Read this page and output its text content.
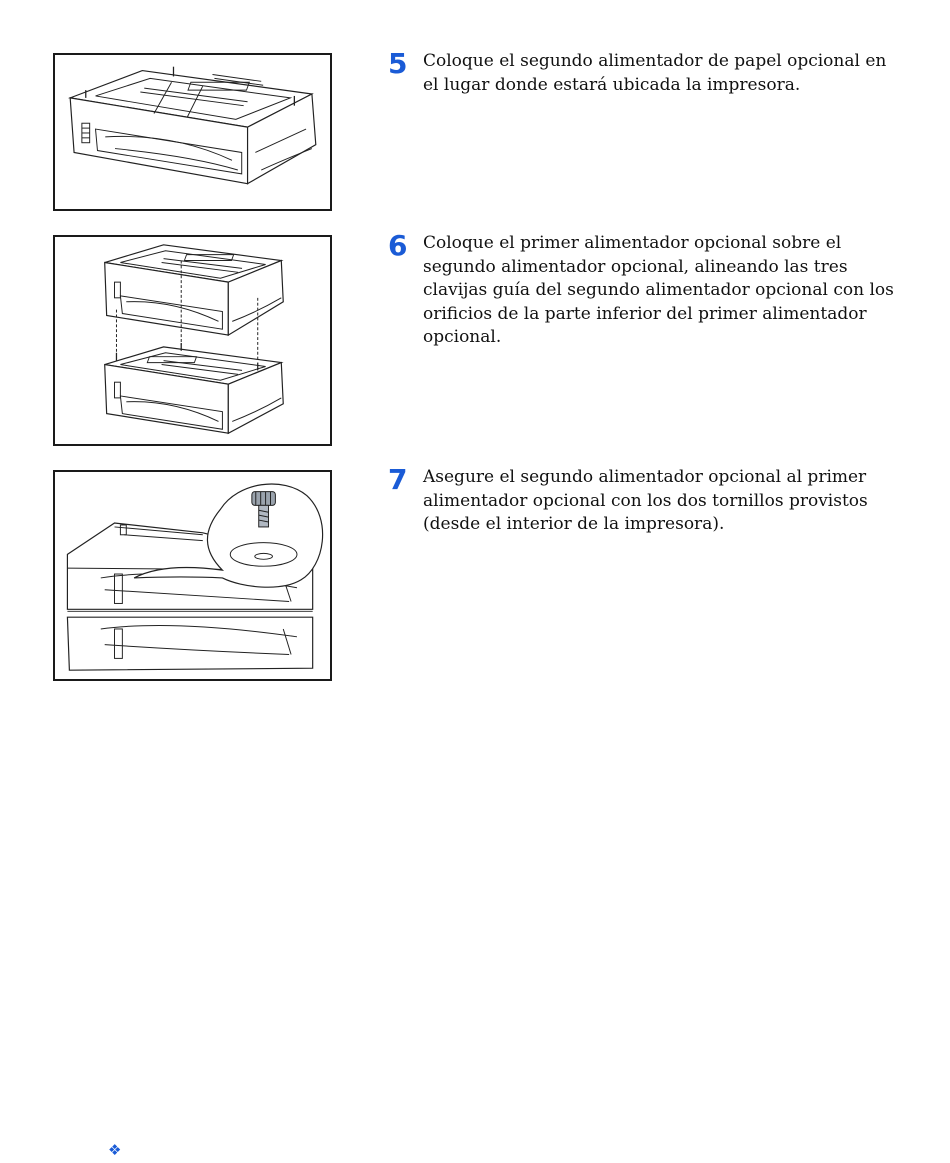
5 Coloque el segundo alimentador de papel opcional en el lugar donde estará ubicada la impresora.
6 Coloque el primer alimentador opcional sobre el segundo alimentador opcional, alineando las tres clavijas guía del segundo alimentador opcional con los orificios de la parte inferior del primer alimentador opcional.
7 Asegure el segundo alimentador opcional al primer alimentador opcional con los dos tornillos provistos (desde el interior de la impresora).
❖
